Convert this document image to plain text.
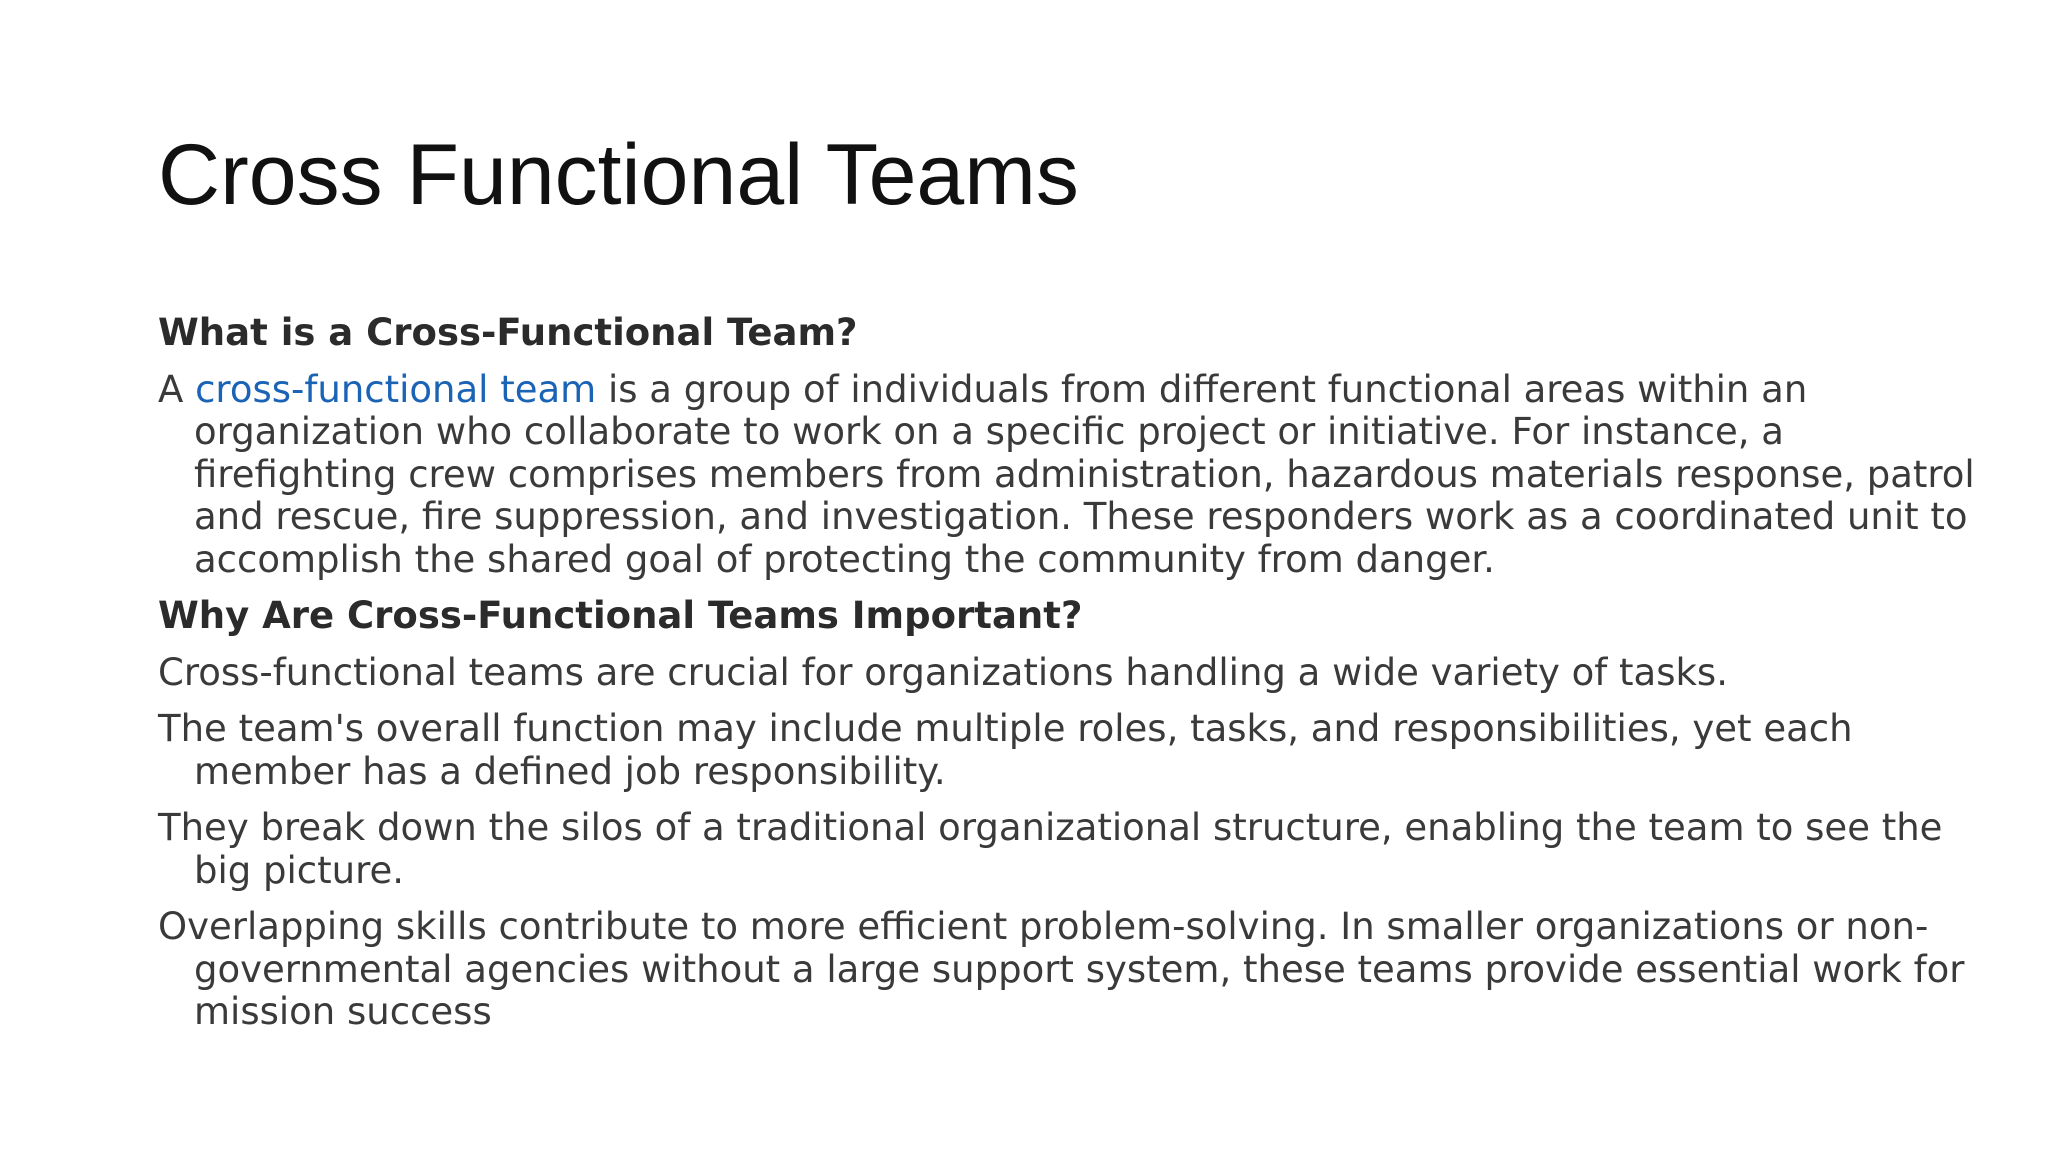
Cross Functional Teams

What is a Cross-Functional Team?

A cross-functional team is a group of individuals from different functional areas within an organization who collaborate to work on a specific project or initiative. For instance, a firefighting crew comprises members from administration, hazardous materials response, patrol and rescue, fire suppression, and investigation. These responders work as a coordinated unit to accomplish the shared goal of protecting the community from danger.

Why Are Cross-Functional Teams Important?

Cross-functional teams are crucial for organizations handling a wide variety of tasks.

The team's overall function may include multiple roles, tasks, and responsibilities, yet each member has a defined job responsibility.

They break down the silos of a traditional organizational structure, enabling the team to see the big picture.

Overlapping skills contribute to more efficient problem-solving. In smaller organizations or non-governmental agencies without a large support system, these teams provide essential work for mission success
